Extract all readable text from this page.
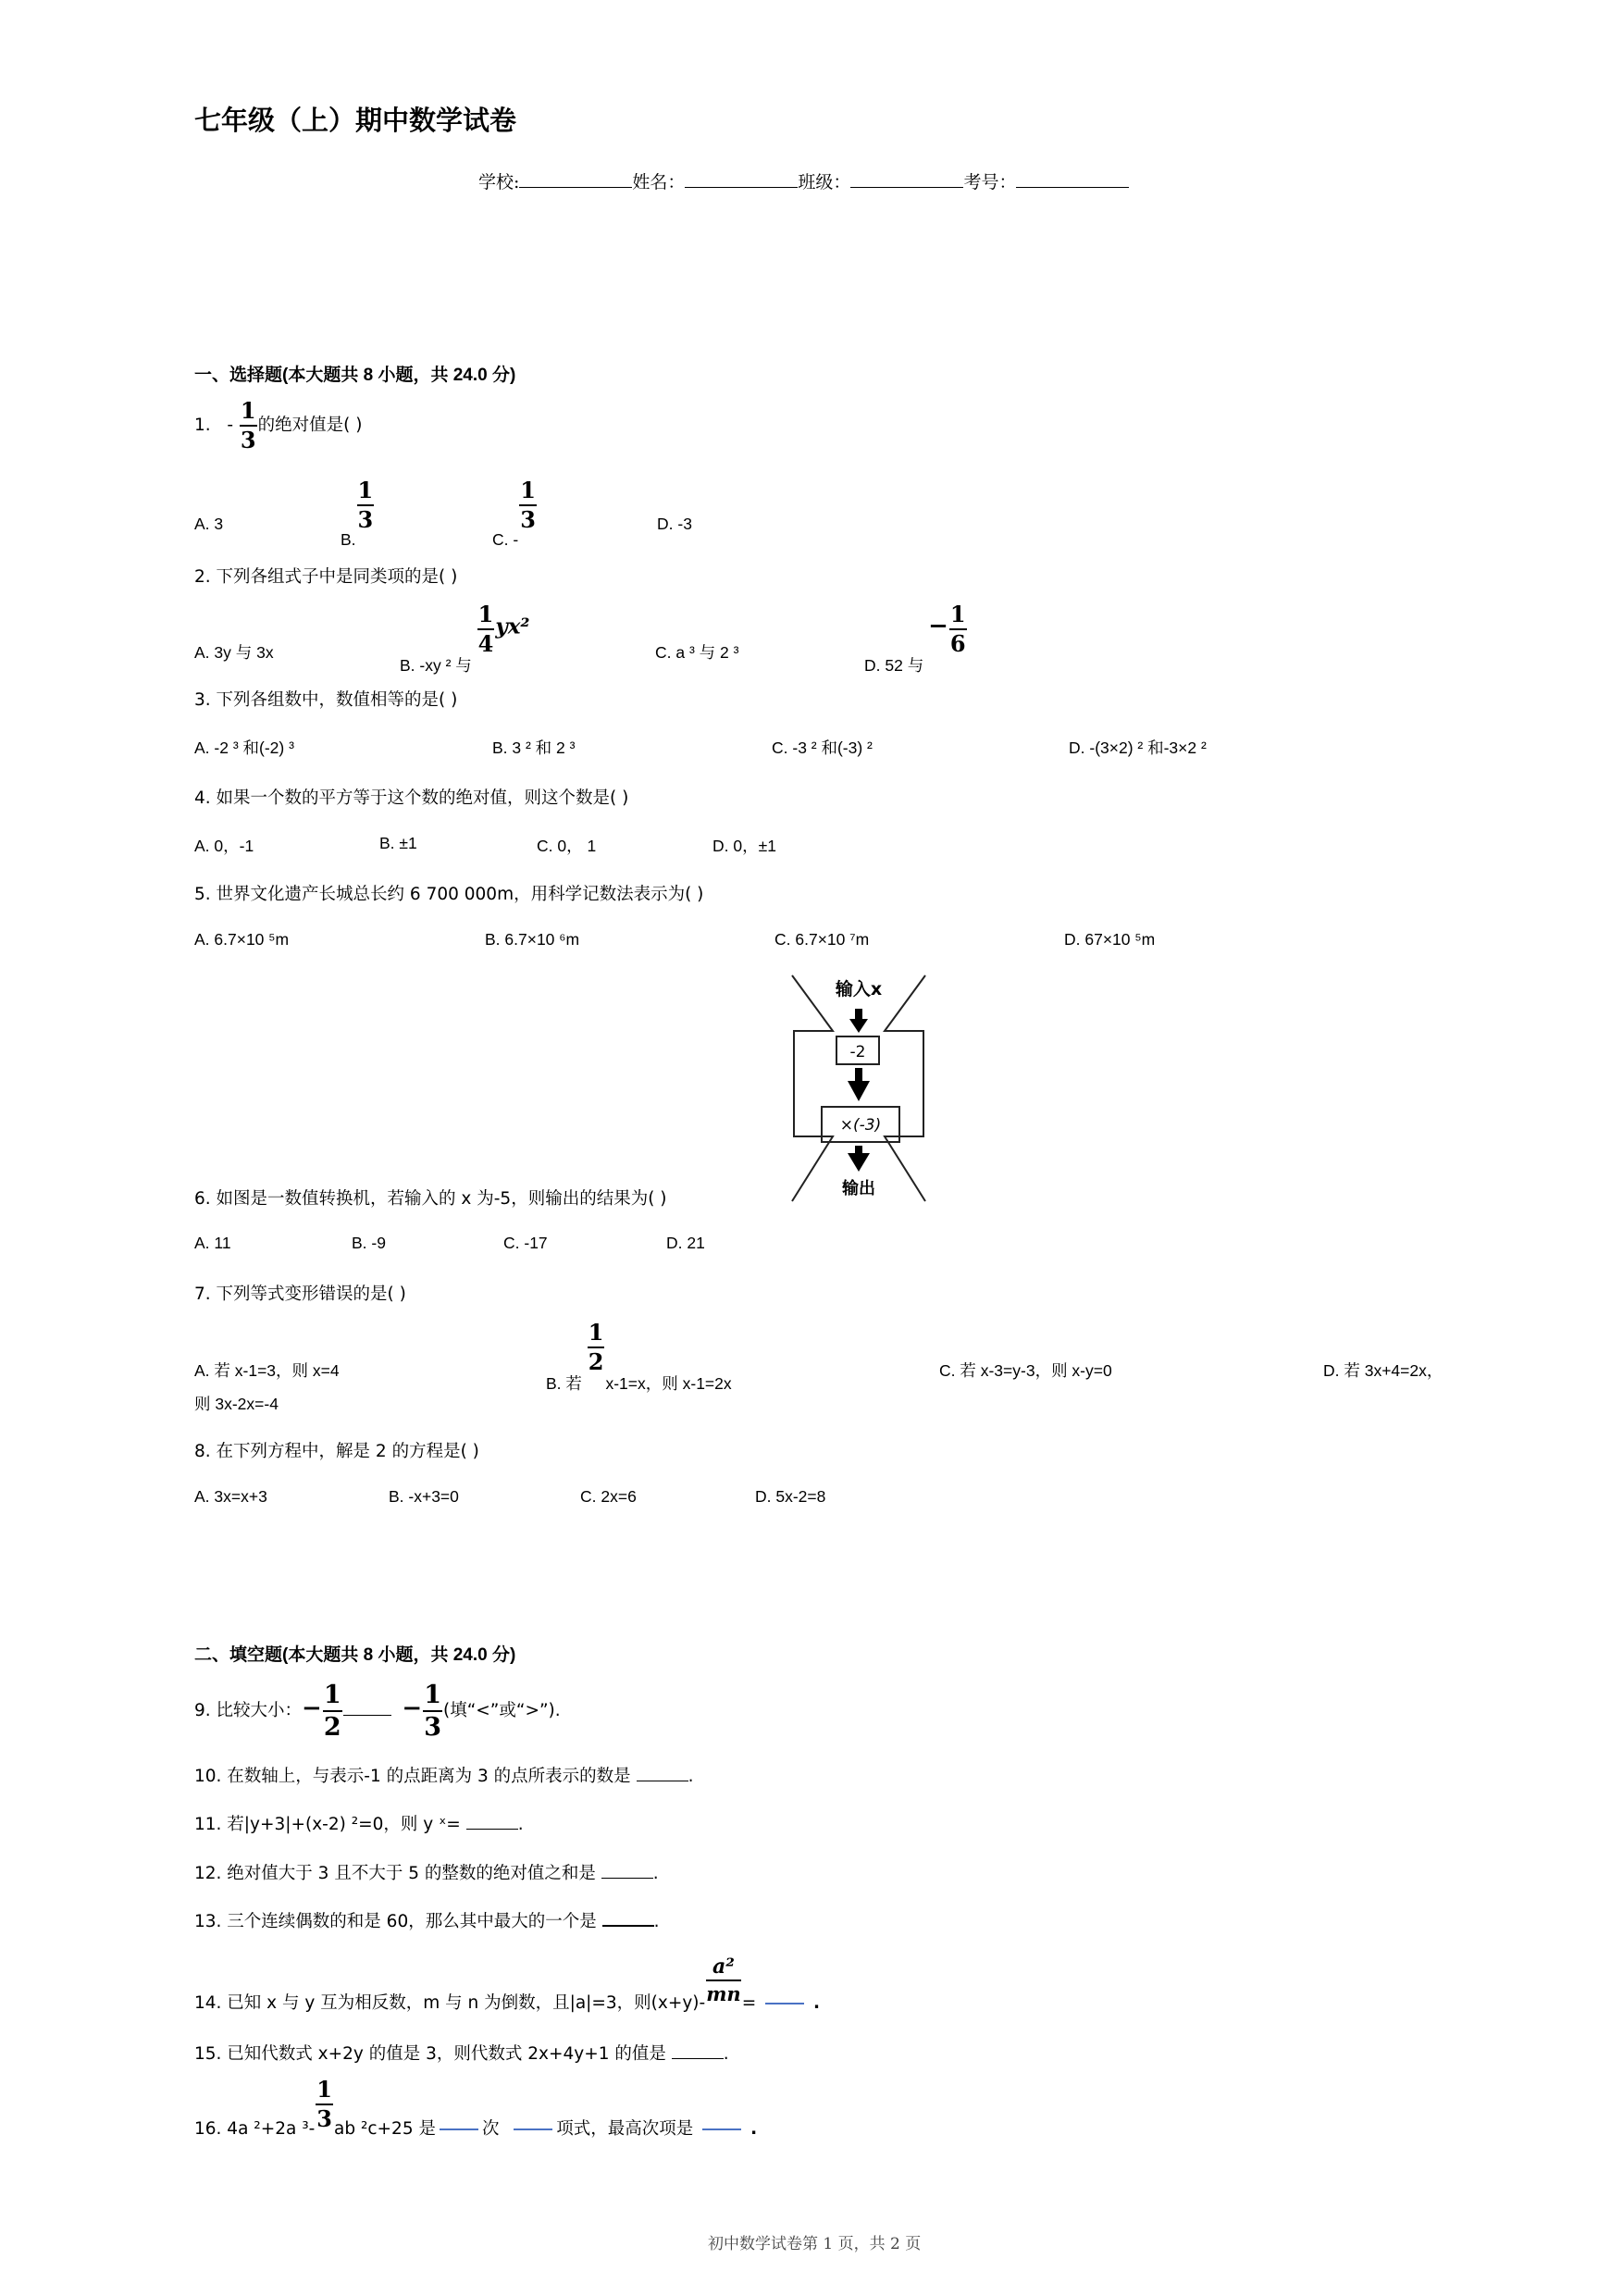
七年级（上）期中数学试卷
学校:	姓名：	班级：	考号：
一、选择题(本大题共 8 小题，共 24.0 分)
1. - $\frac{1}{3}$ 的绝对值是( )
A. 3
B.
$\frac{1}{3}$
C. -
$\frac{1}{3}$	D. -3
2. 下列各组式子中是同类项的是( )
A. 3y 与 3x
B. -xy ² 与
$\frac{1}{4} yx^2$
C. a ³ 与 2 ³
D. 52 与 − $\frac{1}{6}$
3. 下列各组数中，数值相等的是( )
A. -2 ³ 和(-2) ³	B. 3 ² 和 2 ³	C. -3 ² 和(-3) ²	D. -(3×2) ² 和-3×2 ²
4. 如果一个数的平方等于这个数的绝对值，则这个数是( )
A. 0，-1	B. ±1	C. 0， 1	D. 0，±1
5. 世界文化遗产长城总长约 6 700 000m，用科学记数法表示为( )
A. 6.7×10 ⁵m	B. 6.7×10 ⁶m	C. 6.7×10 ⁷m	D. 67×10 ⁵m
输入x
-2
×(-3)
输出
6. 如图是一数值转换机，若输入的 x 为-5，则输出的结果为( )
A. 11	B. -9	C. -17	D. 21
7. 下列等式变形错误的是( )
A. 若 x-1=3，则 x=4
B. 若
$\frac{1}{2}$
x-1=x，则 x-1=2x
C. 若 x-3=y-3，则 x-y=0	D. 若 3x+4=2x，
则 3x-2x=-4
8. 在下列方程中，解是 2 的方程是( )
A. 3x=x+3	B. -x+3=0	C. 2x=6	D. 5x-2=8
二、填空题(本大题共 8 小题，共 24.0 分)
9. 比较大小：− $\frac{1}{2} - \frac{1}{3}$ (填“<”或“>”).
10. 在数轴上，与表示-1 的点距离为 3 的点所表示的数是	.
11. 若|y+3|+(x-2) ²=0，则 y ˣ=	.
12. 绝对值大于 3 且不大于 5 的整数的绝对值之和是	.
13. 三个连续偶数的和是 60，那么其中最大的一个是	.
14. 已知 x 与 y 互为相反数，m 与 n 为倒数，且|a|=3，则$(x+y)- \frac{\text{a²}}{mn}$ =	.
15. 已知代数式 x+2y 的值是 3，则代数式 2x+4y+1 的值是	.
16. 4a ²+2a $^3- \frac{1}{3}$ ab ²c+25 是	次	项式，最高次项是	.
初中数学试卷第 1 页，共 2 页
